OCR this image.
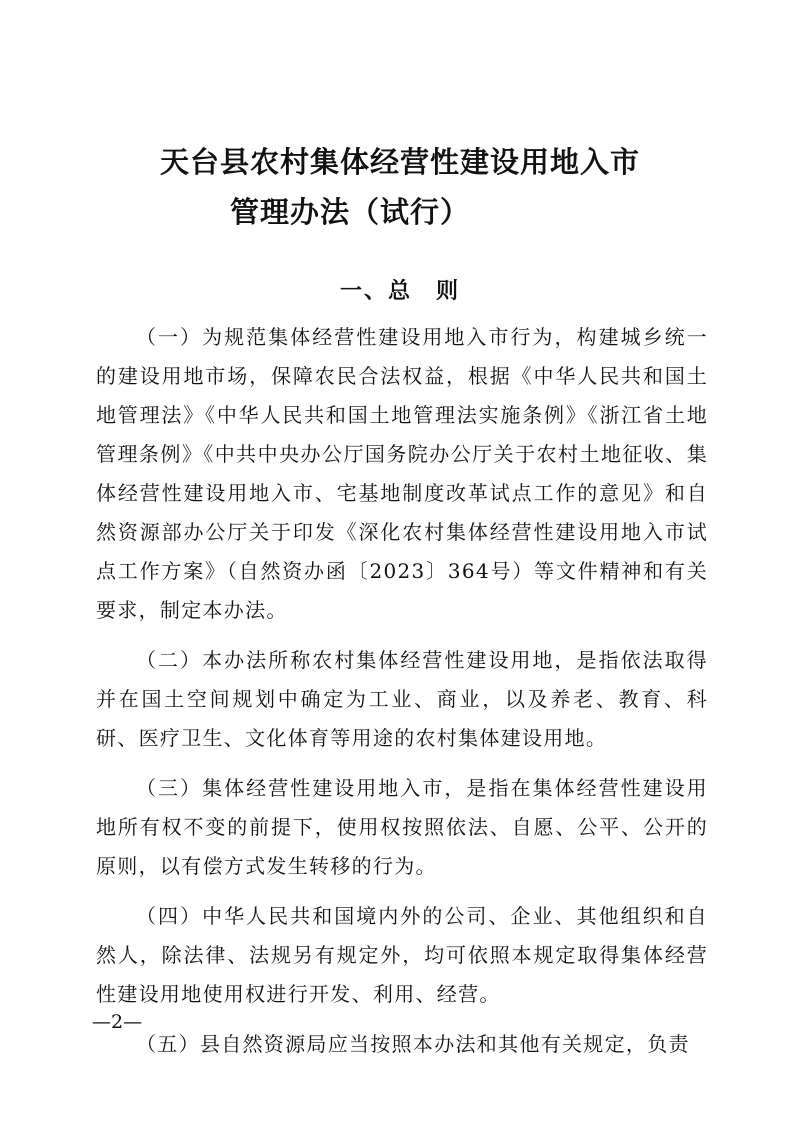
天台县农村集体经营性建设用地入市
管理办法（试行）
一、总　则

（一）为规范集体经营性建设用地入市行为，构建城乡统一的建设用地市场，保障农民合法权益，根据《中华人民共和国土地管理法》《中华人民共和国土地管理法实施条例》《浙江省土地管理条例》《中共中央办公厅国务院办公厅关于农村土地征收、集体经营性建设用地入市、宅基地制度改革试点工作的意见》和自然资源部办公厅关于印发《深化农村集体经营性建设用地入市试点工作方案》（自然资办函〔2023〕364号）等文件精神和有关要求，制定本办法。

（二）本办法所称农村集体经营性建设用地，是指依法取得并在国土空间规划中确定为工业、商业，以及养老、教育、科研、医疗卫生、文化体育等用途的农村集体建设用地。

（三）集体经营性建设用地入市，是指在集体经营性建设用地所有权不变的前提下，使用权按照依法、自愿、公平、公开的原则，以有偿方式发生转移的行为。

（四）中华人民共和国境内外的公司、企业、其他组织和自然人，除法律、法规另有规定外，均可依照本规定取得集体经营性建设用地使用权进行开发、利用、经营。

（五）县自然资源局应当按照本办法和其他有关规定，负责

—2—
